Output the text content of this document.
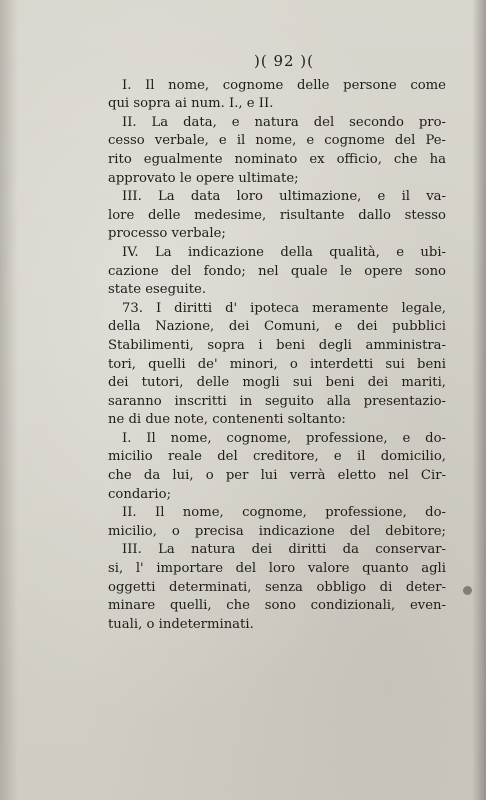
)( 92 )(
I. Il nome, cognome delle persone come
qui sopra ai num. I., e II.
II. La data, e natura del secondo pro-
cesso verbale, e il nome, e cognome del Pe-
rito egualmente nominato ex officio, che ha
approvato le opere ultimate;
III. La data loro ultimazione, e il va-
lore delle medesime, risultante dallo stesso
processo verbale;
IV. La indicazione della qualità, e ubi-
cazione del fondo; nel quale le opere sono
state eseguite.
73. I diritti d' ipoteca meramente legale,
della Nazione, dei Comuni, e dei pubblici
Stabilimenti, sopra i beni degli amministra-
tori, quelli de' minori, o interdetti sui beni
dei tutori, delle mogli sui beni dei mariti,
saranno inscritti in seguito alla presentazio-
ne di due note, contenenti soltanto:
I. Il nome, cognome, professione, e do-
micilio reale del creditore, e il domicilio,
che da lui, o per lui verrà eletto nel Cir-
condario;
II. Il nome, cognome, professione, do-
micilio, o precisa indicazione del debitore;
III. La natura dei diritti da conservar-
si, l' importare del loro valore quanto agli
oggetti determinati, senza obbligo di deter-
minare quelli, che sono condizionali, even-
tuali, o indeterminati.
